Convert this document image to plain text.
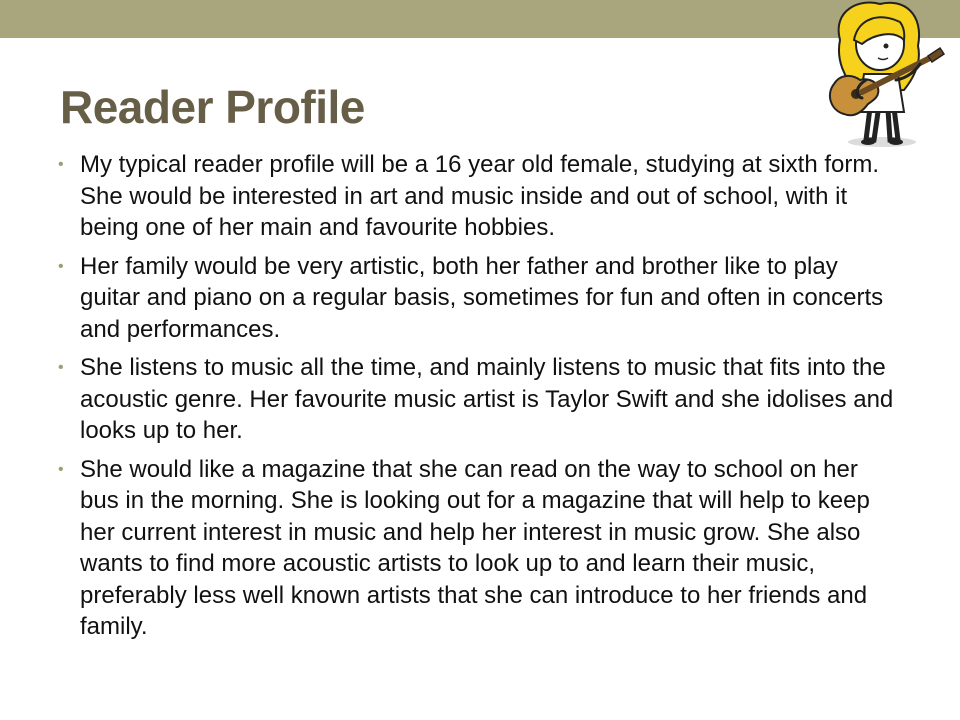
Reader Profile
• My typical reader profile will be a 16 year old female, studying at sixth form. She would be interested in art and music inside and out of school, with it being one of her main and favourite hobbies.
• Her family would be very artistic, both her father and brother like to play guitar and piano on a regular basis, sometimes for fun and often in concerts and performances.
• She listens to music all the time, and mainly listens to music that fits into the acoustic genre. Her favourite music artist is Taylor Swift and she idolises and looks up to her.
• She would like a magazine that she can read on the way to school on her bus in the morning. She is looking out for a magazine that will help to keep her current interest in music and help her interest in music grow. She also wants to find more acoustic artists to look up to and learn their music, preferably less well known artists that she can introduce to her friends and family.
